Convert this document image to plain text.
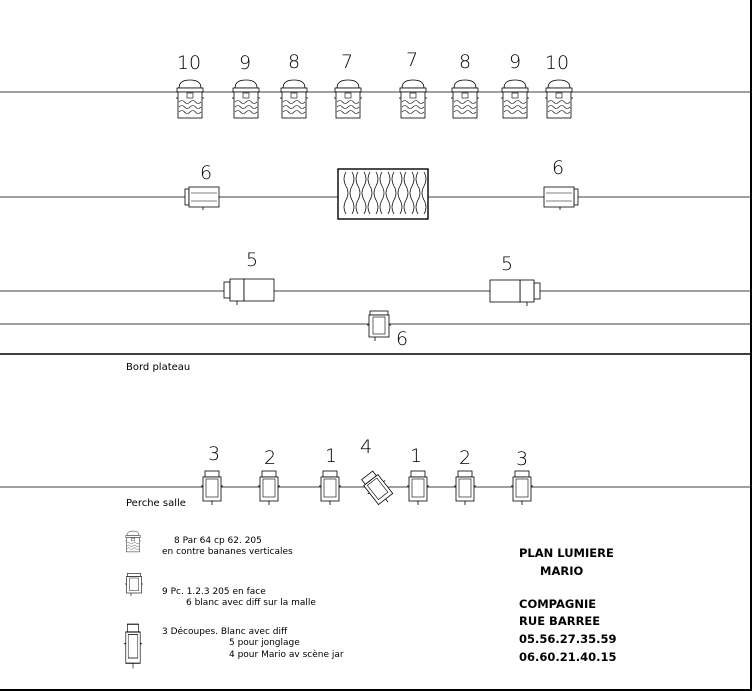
10 9 8 7	7 8 9 10
6	6
5	5
6
Bord plateau
Perche salle
3 2	1 4 1 2 3
8 Par 64 cp 62. 205
en contre bananes verticales
9 Pc. 1.2.3 205 en face
6 blanc avec diff sur la malle
3 Découpes. Blanc avec diff
5 pour jonglage
4 pour Mario av scène jar
PLAN LUMIERE
MARIO
COMPAGNIE
RUE BARREE
05.56.27.35.59
06.60.21.40.15
